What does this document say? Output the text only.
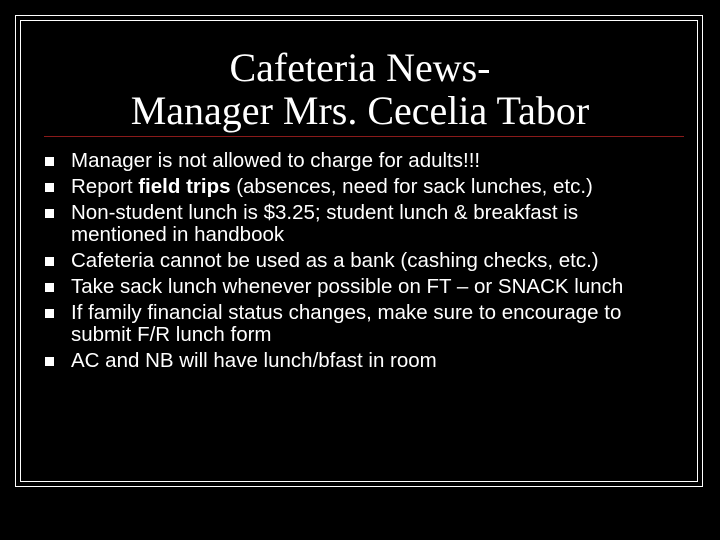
Cafeteria News-
Manager Mrs. Cecelia Tabor
Manager is not allowed to charge for adults!!!
Report field trips (absences, need for sack lunches, etc.)
Non-student lunch is $3.25; student lunch & breakfast is mentioned in handbook
Cafeteria cannot be used as a bank (cashing checks, etc.)
Take sack lunch whenever possible on FT – or SNACK lunch
If family financial status changes, make sure to encourage to submit F/R lunch form
AC and NB will have lunch/bfast in room
